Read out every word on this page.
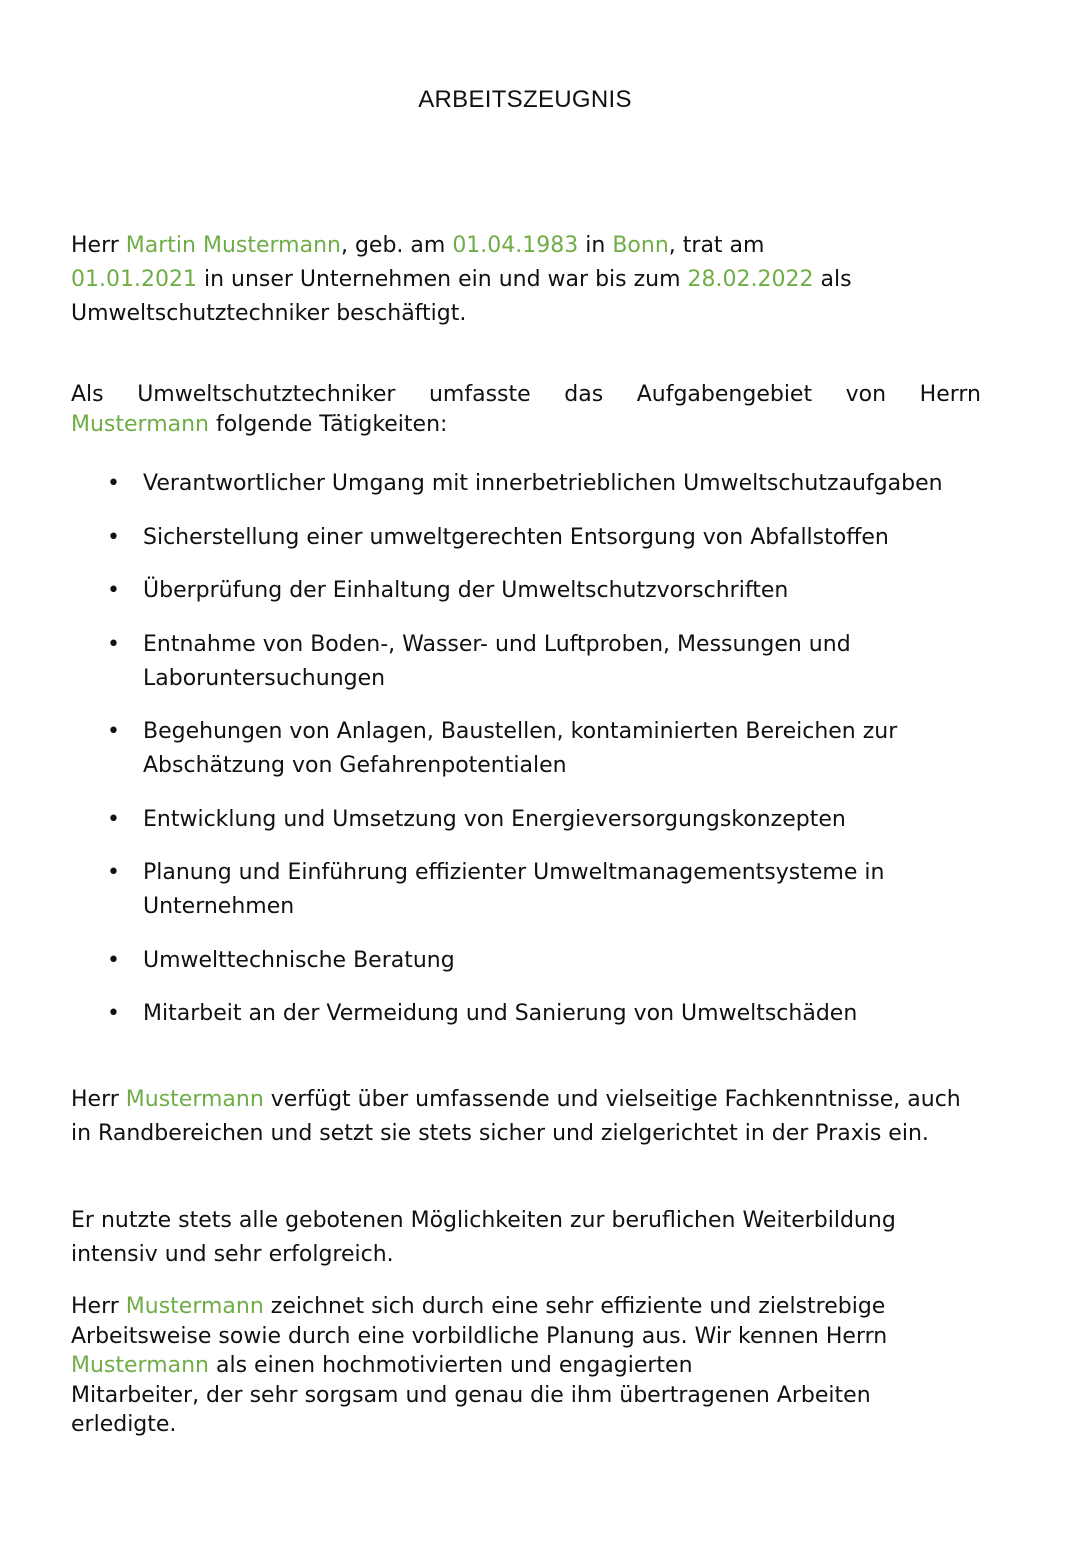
ARBEITSZEUGNIS

Herr Martin Mustermann, geb. am 01.04.1983 in Bonn, trat am
01.01.2021 in unser Unternehmen ein und war bis zum 28.02.2022 als
Umweltschutztechniker beschäftigt.

Als Umweltschutztechniker umfasste das Aufgabengebiet von Herrn
Mustermann folgende Tätigkeiten:

• Verantwortlicher Umgang mit innerbetrieblichen Umweltschutzaufgaben
• Sicherstellung einer umweltgerechten Entsorgung von Abfallstoffen
• Überprüfung der Einhaltung der Umweltschutzvorschriften
• Entnahme von Boden-, Wasser- und Luftproben, Messungen und Laboruntersuchungen
• Begehungen von Anlagen, Baustellen, kontaminierten Bereichen zur Abschätzung von Gefahrenpotentialen
• Entwicklung und Umsetzung von Energieversorgungskonzepten
• Planung und Einführung effizienter Umweltmanagementsysteme in Unternehmen
• Umwelttechnische Beratung
• Mitarbeit an der Vermeidung und Sanierung von Umweltschäden

Herr Mustermann verfügt über umfassende und vielseitige Fachkenntnisse, auch in Randbereichen und setzt sie stets sicher und zielgerichtet in der Praxis ein.

Er nutzte stets alle gebotenen Möglichkeiten zur beruflichen Weiterbildung intensiv und sehr erfolgreich.

Herr Mustermann zeichnet sich durch eine sehr effiziente und zielstrebige Arbeitsweise sowie durch eine vorbildliche Planung aus. Wir kennen Herrn
Mustermann als einen hochmotivierten und engagierten
Mitarbeiter, der sehr sorgsam und genau die ihm übertragenen Arbeiten erledigte.
